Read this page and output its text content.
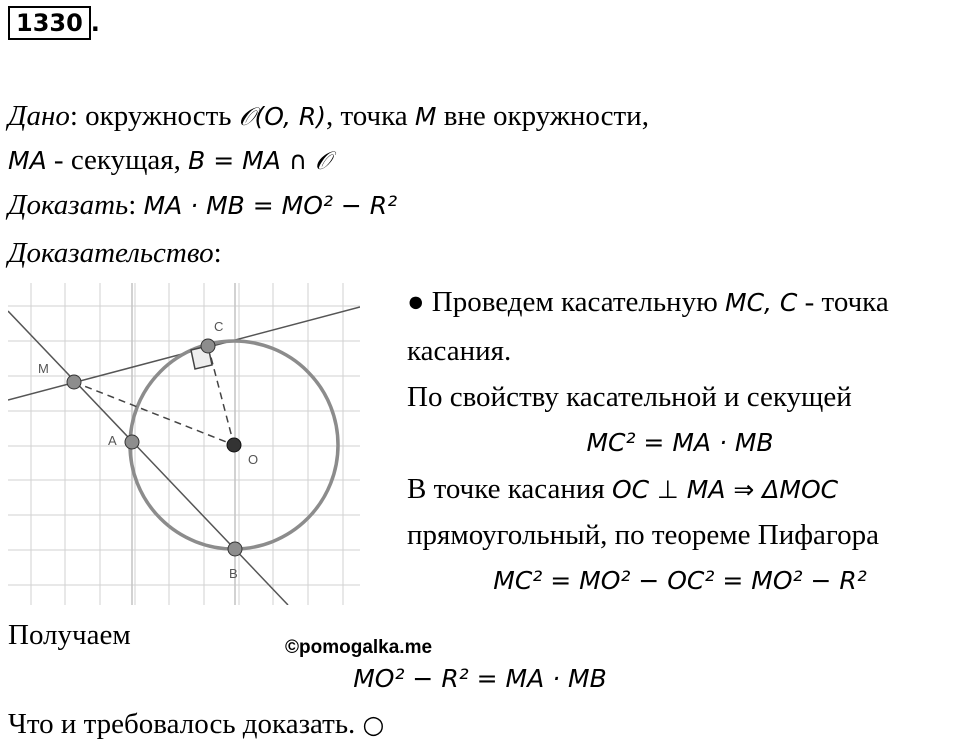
1330 .
Дано: окружность 𝒪(O, R), точка M вне окружности,
MA - секущая, B = MA ∩ 𝒪
Доказать: MA · MB = MO² − R²
Доказательство:
M
C
A
O
B
● Проведем касательную MC, C - точка
касания.
По свойству касательной и секущей
MC² = MA · MB
В точке касания OC ⊥ MA ⇒ ΔMOC
прямоугольный, по теореме Пифагора
MC² = MO² − OC² = MO² − R²
Получаем	©pomogalka.me
MO² − R² = MA · MB
Что и требовалось доказать. ○
